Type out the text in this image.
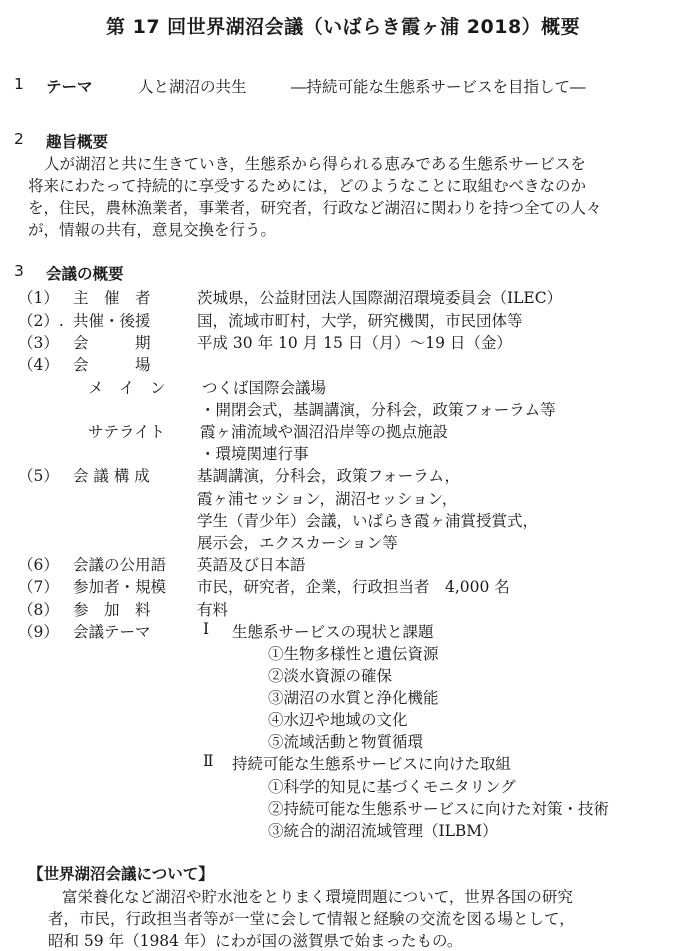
第 17 回世界湖沼会議（いばらき霞ヶ浦 2018）概要
1 テーマ	人と湖沼の共生	―持続可能な生態系サービスを目指して―
2 趣旨概要
人が湖沼と共に生きていき，生態系から得られる恵みである生態系サービスを
将来にわたって持続的に享受するためには，どのようなことに取組むべきなのか
を，住民，農林漁業者，事業者，研究者，行政など湖沼に関わりを持つ全ての人々
が，情報の共有，意見交換を行う。
3 会議の概要
（1） 主　催　者	茨城県，公益財団法人国際湖沼環境委員会（ILEC）
（2）. 共催・後援	国，流域市町村，大学，研究機関，市民団体等
（3） 会　　　期	平成 30 年 10 月 15 日（月）～19 日（金）
（4） 会　　　場
メ　イ　ン つくば国際会議場
・開閉会式，基調講演，分科会，政策フォーラム等
サテライト 霞ヶ浦流域や涸沼沿岸等の拠点施設
・環境関連行事
（5） 会 議 構 成	基調講演，分科会，政策フォーラム，
霞ヶ浦セッション，湖沼セッション，
学生（青少年）会議，いばらき霞ヶ浦賞授賞式，
展示会，エクスカーション等
（6） 会議の公用語 英語及び日本語
（7） 参加者・規模 市民，研究者，企業，行政担当者　4,000 名
（8） 参　加　料	有料
（9） 会議テーマ	Ⅰ 生態系サービスの現状と課題
①生物多様性と遺伝資源
②淡水資源の確保
③湖沼の水質と浄化機能
④水辺や地域の文化
⑤流域活動と物質循環
Ⅱ 持続可能な生態系サービスに向けた取組
①科学的知見に基づくモニタリング
②持続可能な生態系サービスに向けた対策・技術
③統合的湖沼流域管理（ILBM）
【世界湖沼会議について】
富栄養化など湖沼や貯水池をとりまく環境問題について，世界各国の研究
者，市民，行政担当者等が一堂に会して情報と経験の交流を図る場として，
昭和 59 年（1984 年）にわが国の滋賀県で始まったもの。
